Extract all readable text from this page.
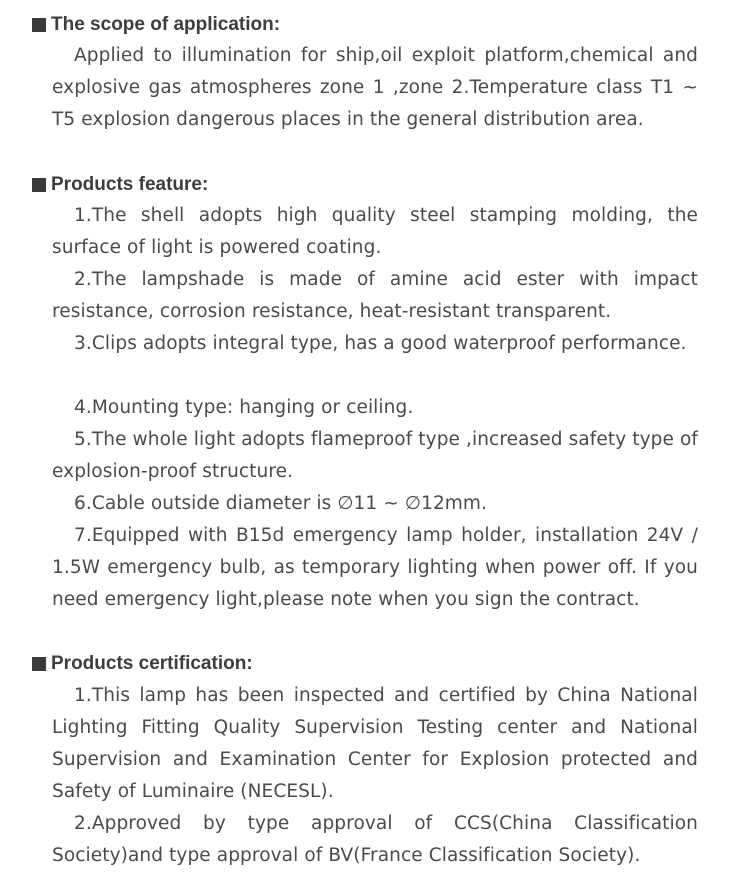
The scope of application:

Applied to illumination for ship,oil exploit platform,chemical and explosive gas atmospheres zone 1 ,zone 2.Temperature class T1 ~ T5 explosion dangerous places in the general distribution area.

Products feature:

1.The shell adopts high quality steel stamping molding, the surface of light is powered coating.

2.The lampshade is made of amine acid ester with impact resistance, corrosion resistance, heat-resistant transparent.

3.Clips adopts integral type, has a good waterproof performance.

4.Mounting type: hanging or ceiling.

5.The whole light adopts flameproof type ,increased safety type of explosion-proof structure.

6.Cable outside diameter is ∅11 ~ ∅12mm.

7.Equipped with B15d emergency lamp holder, installation 24V / 1.5W emergency bulb, as temporary lighting when power off. If you need emergency light,please note when you sign the contract.

Products certification:

1.This lamp has been inspected and certified by China National Lighting Fitting Quality Supervision Testing center and National Supervision and Examination Center for Explosion protected and Safety of Luminaire (NECESL).

2.Approved by type approval of CCS(China Classification Society)and type approval of BV(France Classification Society).
